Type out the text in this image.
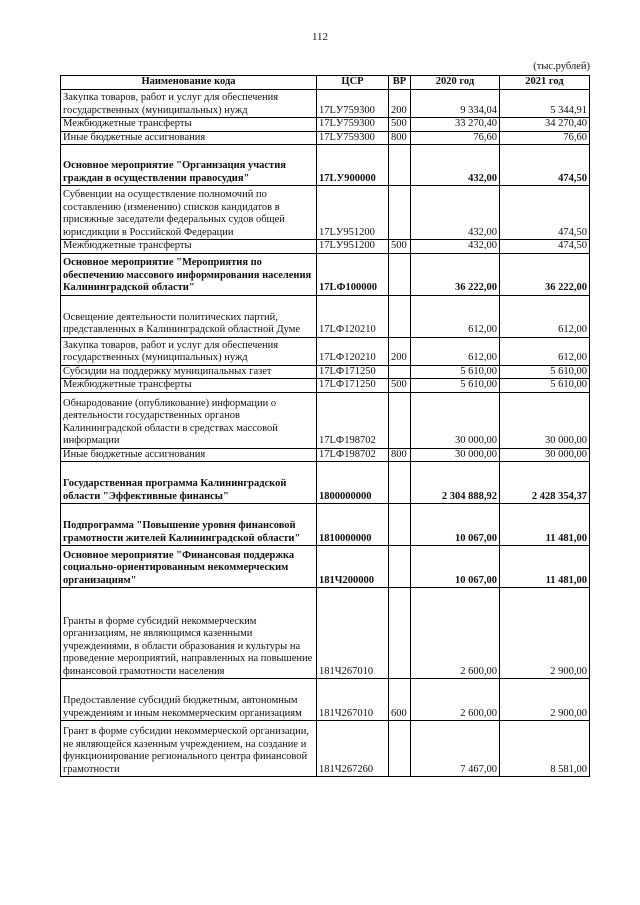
112
(тыс.рублей)
Наименование кода	ЦСР	ВР	2020 год	2021 год
Закупка товаров, работ и услуг для обеспечения государственных (муниципальных) нужд	17LУ759300	200	9 334,04	5 344,91
Межбюджетные трансферты	17LУ759300	500	33 270,40	34 270,40
Иные бюджетные ассигнования	17LУ759300	800	76,60	76,60
Основное мероприятие "Организация участия граждан в осуществлении правосудия"	17LУ900000		432,00	474,50
Субвенции на осуществление полномочий по составлению (изменению) списков кандидатов в присяжные заседатели федеральных судов общей юрисдикции в Российской Федерации	17LУ951200		432,00	474,50
Межбюджетные трансферты	17LУ951200	500	432,00	474,50
Основное мероприятие "Мероприятия по обеспечению массового информирования населения Калининградской области"	17LФ100000		36 222,00	36 222,00
Освещение деятельности политических партий, представленных в Калининградской областной Думе	17LФ120210		612,00	612,00
Закупка товаров, работ и услуг для обеспечения государственных (муниципальных) нужд	17LФ120210	200	612,00	612,00
Субсидии на поддержку муниципальных газет	17LФ171250		5 610,00	5 610,00
Межбюджетные трансферты	17LФ171250	500	5 610,00	5 610,00
Обнародование (опубликование) информации о деятельности государственных органов Калининградской области в средствах массовой информации	17LФ198702		30 000,00	30 000,00
Иные бюджетные ассигнования	17LФ198702	800	30 000,00	30 000,00
Государственная программа Калининградской области "Эффективные финансы"	1800000000		2 304 888,92	2 428 354,37
Подпрограмма "Повышение уровня финансовой грамотности жителей Калининградской области"	1810000000		10 067,00	11 481,00
Основное мероприятие "Финансовая поддержка социально-ориентированным некоммерческим организациям"	181Ч200000		10 067,00	11 481,00
Гранты в форме субсидий некоммерческим организациям, не являющимся казенными учреждениями, в области образования и культуры на проведение мероприятий, направленных на повышение финансовой грамотности населения	181Ч267010		2 600,00	2 900,00
Предоставление субсидий бюджетным, автономным учреждениям и иным некоммерческим организациям	181Ч267010	600	2 600,00	2 900,00
Грант в форме субсидии некоммерческой организации, не являющейся казенным учреждением, на создание и функционирование регионального центра финансовой грамотности	181Ч267260		7 467,00	8 581,00
